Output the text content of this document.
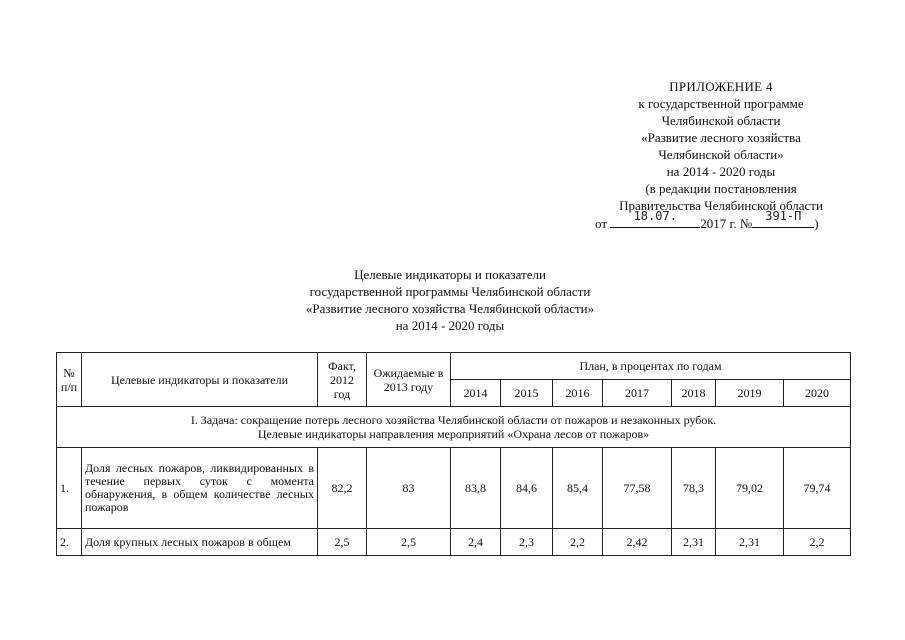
ПРИЛОЖЕНИЕ 4
к государственной программе
Челябинской области
«Развитие лесного хозяйства
Челябинской области»
на 2014 - 2020 годы
(в редакции постановления
Правительства Челябинской области
от	18.07.	2017 г. №	391-П )
Целевые индикаторы и показатели
государственной программы Челябинской области
«Развитие лесного хозяйства Челябинской области»
на 2014 - 2020 годы
№ п/п	Целевые индикаторы и показатели	Факт, 2012 год	Ожидаемые в 2013 году	План, в процентах по годам						
				2014	2015	2016	2017	2018	2019	2020

I. Задача: сокращение потерь лесного хозяйства Челябинской области от пожаров и незаконных рубок.
Целевые индикаторы направления мероприятий «Охрана лесов от пожаров»										

1.	Доля лесных пожаров, ликвидированных в течение первых суток с момента обнаружения, в общем количестве лесных пожаров	82,2	83	83,8	84,6	85,4	77,58	78,3	79,02	79,74
2.	Доля крупных лесных пожаров в общем	2,5	2,5	2,4	2,3	2,2	2,42	2,31	2,31	2,2
